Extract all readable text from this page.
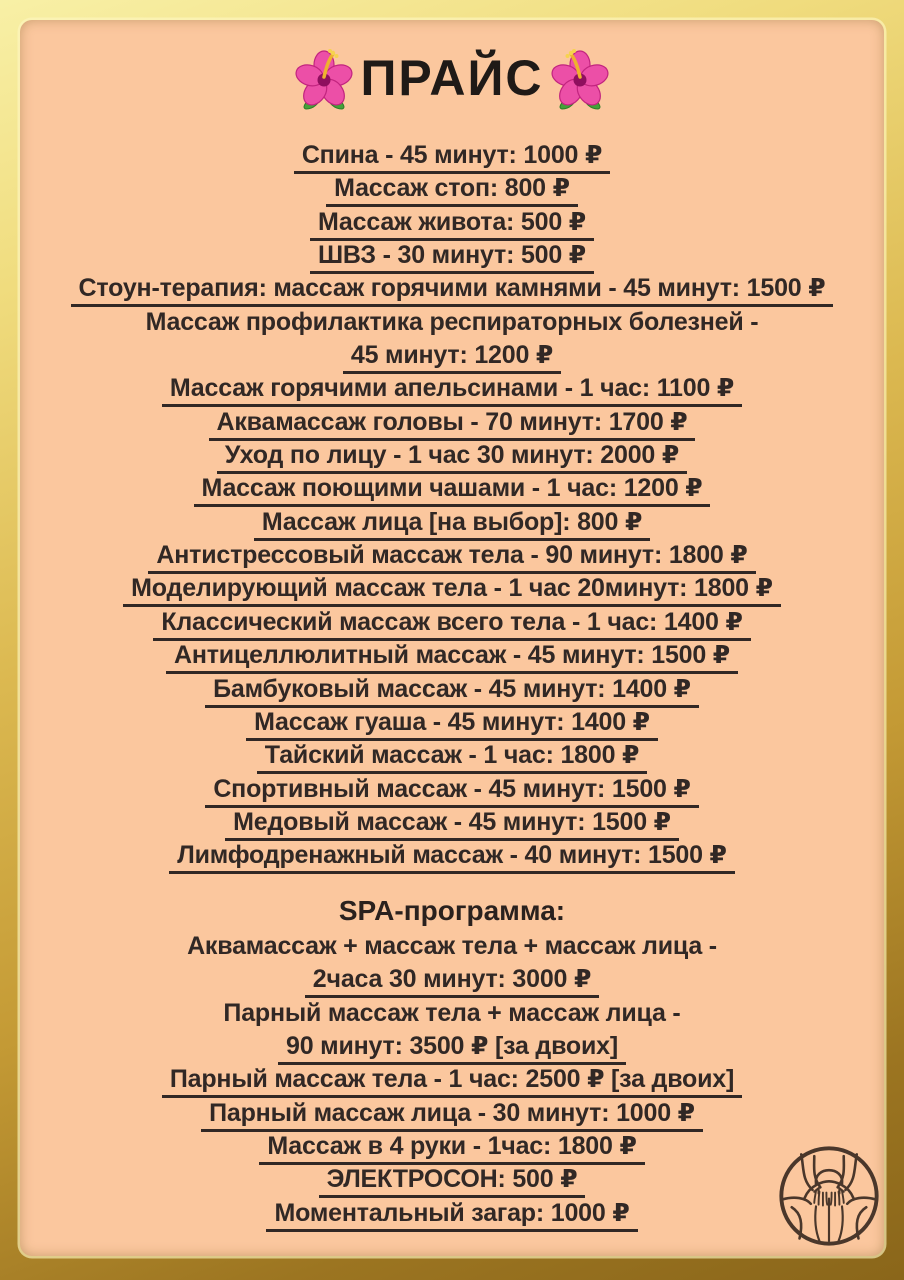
ПРАЙС
Спина - 45 минут: 1000 ₽
Массаж стоп: 800 ₽
Массаж живота: 500 ₽
ШВЗ - 30 минут: 500 ₽
Стоун-терапия: массаж горячими камнями - 45 минут: 1500 ₽
Массаж профилактика респираторных болезней -
45 минут: 1200 ₽
Массаж горячими апельсинами - 1 час: 1100 ₽
Аквамассаж головы - 70 минут: 1700 ₽
Уход по лицу - 1 час 30 минут: 2000 ₽
Массаж поющими чашами - 1 час: 1200 ₽
Массаж лица [на выбор]: 800 ₽
Антистрессовый массаж тела - 90 минут: 1800 ₽
Моделирующий массаж тела - 1 час 20минут: 1800 ₽
Классический массаж всего тела - 1 час: 1400 ₽
Антицеллюлитный массаж - 45 минут: 1500 ₽
Бамбуковый массаж - 45 минут: 1400 ₽
Массаж гуаша - 45 минут: 1400 ₽
Тайский массаж - 1 час: 1800 ₽
Спортивный массаж - 45 минут: 1500 ₽
Медовый массаж - 45 минут: 1500 ₽
Лимфодренажный массаж - 40 минут: 1500 ₽
SPA-программа:
Аквамассаж + массаж тела + массаж лица -
2часа 30 минут: 3000 ₽
Парный массаж тела + массаж лица -
90 минут: 3500 ₽ [за двоих]
Парный массаж тела - 1 час: 2500 ₽ [за двоих]
Парный массаж лица - 30 минут: 1000 ₽
Массаж в 4 руки - 1час: 1800 ₽
ЭЛЕКТРОСОН: 500 ₽
Моментальный загар: 1000 ₽
